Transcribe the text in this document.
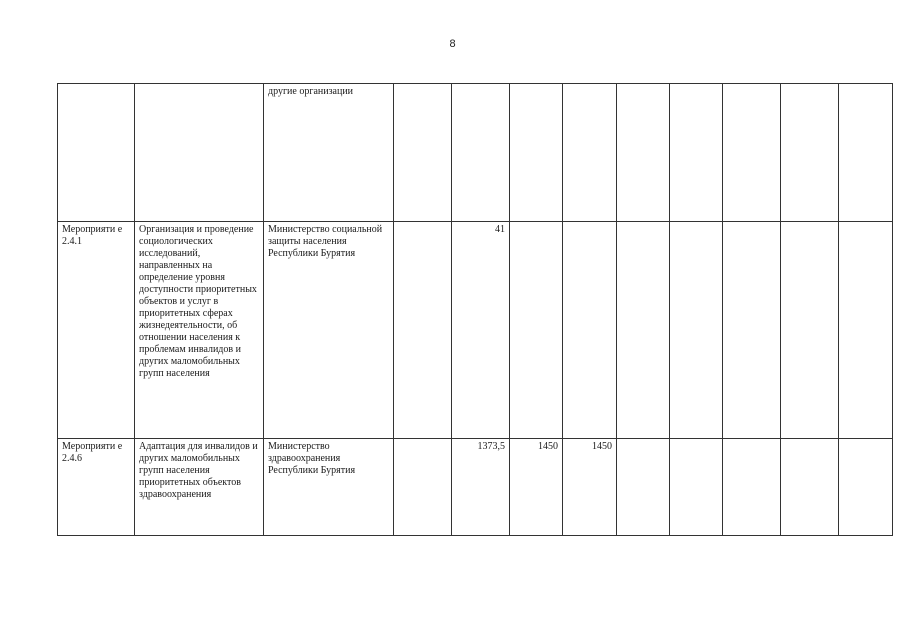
8
		другие организации									
Мероприяти е 2.4.1	Организация и проведение социологических исследований, направленных на определение уровня доступности приоритетных объектов и услуг в приоритетных сферах жизнедеятельности, об отношении населения к проблемам инвалидов и других маломобильных групп населения	Министерство социальной защиты населения Республики Бурятия		41							
Мероприяти е 2.4.6	Адаптация для инвалидов и других маломобильных групп населения приоритетных объектов здравоохранения	Министерство здравоохранения Республики Бурятия		1373,5	1450	1450					
